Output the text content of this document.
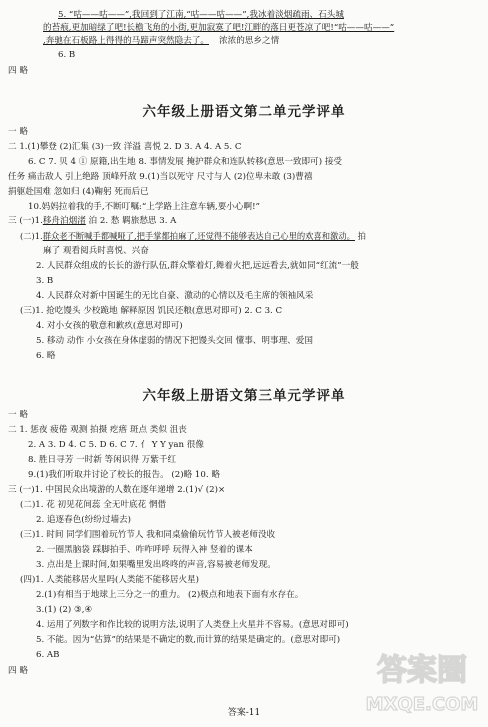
5. “咕——咕——”,我回到了江南,“咕——咕——”,我冰着淡烟疏雨、石头城
的苔痕,更加暗绿了吧!长檐飞角的小街,更加寂寞了吧!江畔的落日更苍凉了吧!“咕——咕——”
,奔驰在石板路上得得的马蹄声突然隐去了。 浓浓的思乡之情
6. B
四 略
六年级上册语文第二单元学评单
一 略
二 1.(1)攀登 (2)汇集 (3)一致 洋溢 喜悦 2. D 3. A 4. A 5. C
6. C 7. 贝 4 ① 原籍,出生地 8. 事情发展 掩护群众和连队转移(意思一致即可) 接受
任务 痛击敌人 引上绝路 顶峰歼敌 9.(1)当以死守 尺寸与人 (2)位卑未敢 (3)曹禧
捐躯赴国难 忽如归 (4)鞠躬 死而后已
10.妈妈拉着我的手,不断叮嘱:“上学路上注意车辆,要小心啊!”
三 (一)1.移舟泊烟渚 泊 2. 愁 羁旅愁思 3. A
(二)1.群众老不断喊手都喊哑了,把手掌都拍麻了,还觉得不能够表达自己心里的欢喜和激动。 拍
麻了 观看阅兵时喜悦、兴奋
2. 人民群众组成的长长的游行队伍,群众擎着灯,舞着火把,远远看去,就如同“红流”一般
3. B
4. 人民群众对新中国诞生的无比自豪、激动的心情以及毛主席的领袖风采
(三)1. 抢吃馒头 少校跪地 解释原因 饥民还粮(意思对即可) 2. C 3. C
4. 对小女孩的敬意和歉疚(意思对即可)
5. 移动 动作 小女孩在身体虚弱的情况下把馒头交回 懂事、明事理、爱国
6. 略
六年级上册语文第三单元学评单
一 略
二 1. 惩夜 疲倦 观测 拍摄 疙瘩 斑点 类似 沮丧
2. A 3. D 4. C 5. D 6. C 7. 亻 Y Y yan 很像
8. 胜日寻芳 一时新 等闲识得 万紫千红
9.(1)我们听取并讨论了校长的报告。 (2)略 10. 略
三 (一)1. 中国民众出境游的人数在逐年递增 2.(1)√ (2)×
(二)1. 花 初见花间蕊 全无叶底花 惘借
2. 追逐春色(纷纷过墙去)
(三)1. 时间 同学们围着玩竹节人 我和同桌偷偷玩竹节人被老师没收
2. 一圈黑脑袋 踩脚拍手、咋咋呼呼 玩得入神 竖着的课本
3. 点出是上课时间,如果嘴里发出咚咚的声音,容易被老师发现。
(四)1. 人类能移居火星吗(人类能不能移居火星)
2.(1)有相当于地球上三分之一的重力。 (2)极点和地表下面有水存在。
3.(1) (2) ③,④
4. 运用了列数字和作比较的说明方法,说明了人类登上火星并不容易。(意思对即可)
5. 不能。因为“估算”的结果是不确定的数,而计算的结果是确定的。(意思对即可)
6. AB
四 略	答案圈
MXQE.COM
答案-11
